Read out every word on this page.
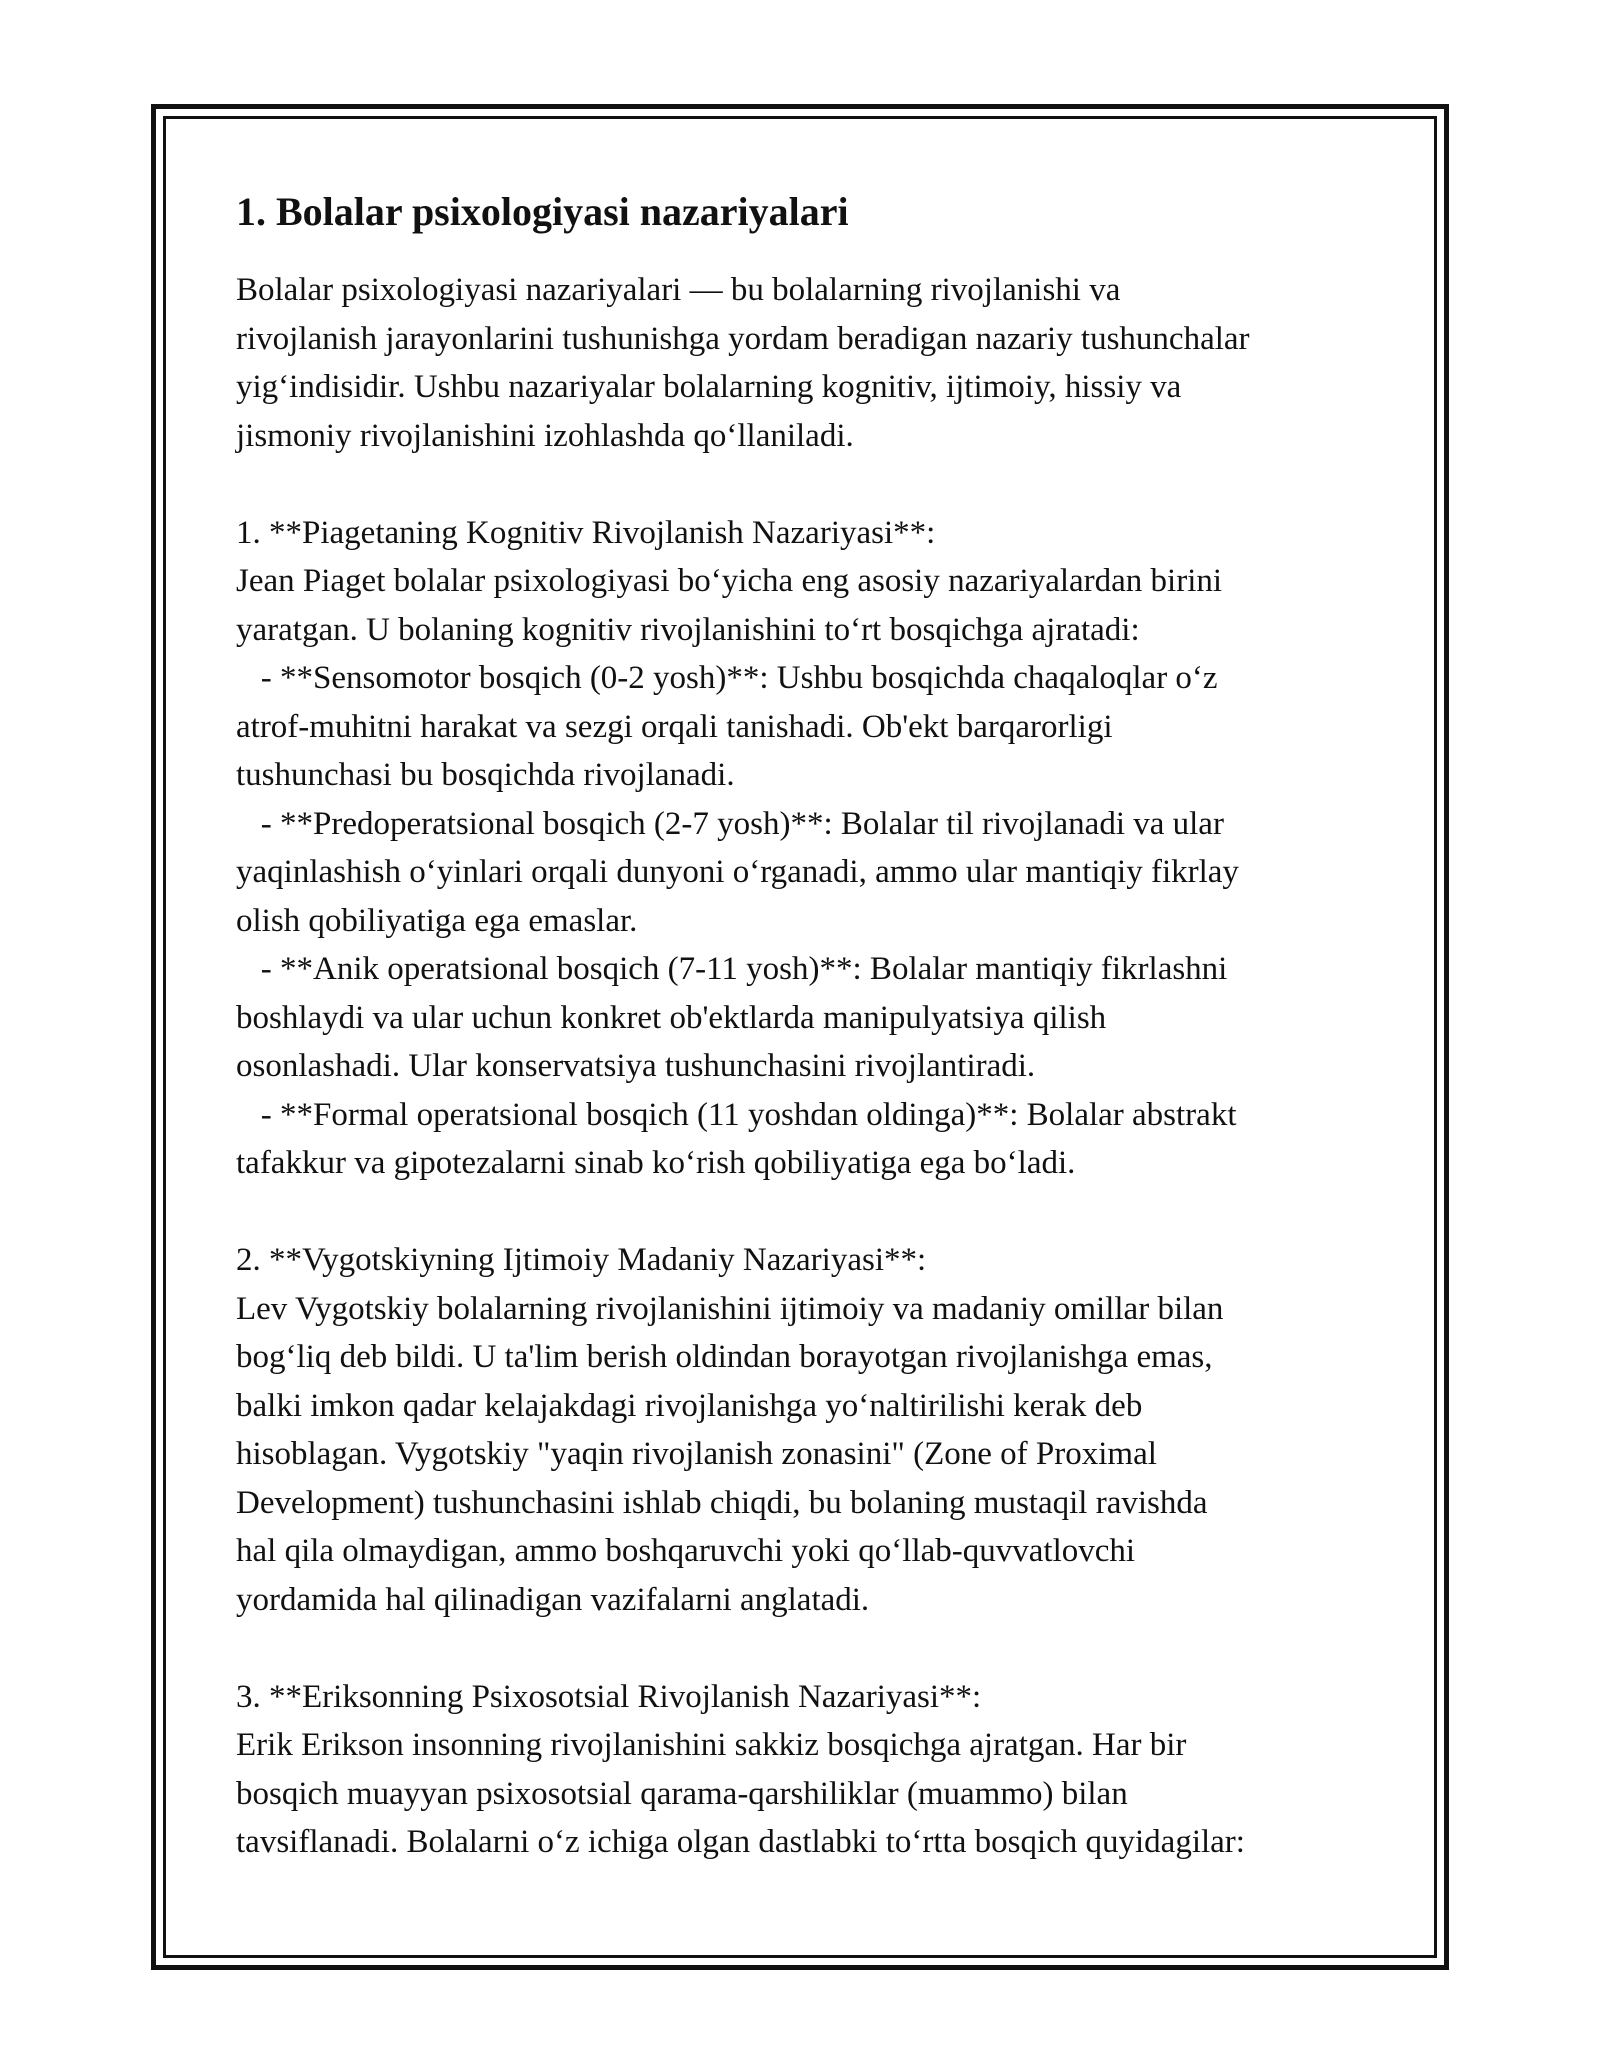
1. Bolalar psixologiyasi nazariyalari
Bolalar psixologiyasi nazariyalari — bu bolalarning rivojlanishi va
rivojlanish jarayonlarini tushunishga yordam beradigan nazariy tushunchalar
yig‘indisidir. Ushbu nazariyalar bolalarning kognitiv, ijtimoiy, hissiy va
jismoniy rivojlanishini izohlashda qo‘llaniladi.
1. **Piagetaning Kognitiv Rivojlanish Nazariyasi**:
Jean Piaget bolalar psixologiyasi bo‘yicha eng asosiy nazariyalardan birini
yaratgan. U bolaning kognitiv rivojlanishini to‘rt bosqichga ajratadi:
- **Sensomotor bosqich (0-2 yosh)**: Ushbu bosqichda chaqaloqlar o‘z
atrof-muhitni harakat va sezgi orqali tanishadi. Ob'ekt barqarorligi
tushunchasi bu bosqichda rivojlanadi.
- **Predoperatsional bosqich (2-7 yosh)**: Bolalar til rivojlanadi va ular
yaqinlashish o‘yinlari orqali dunyoni o‘rganadi, ammo ular mantiqiy fikrlay
olish qobiliyatiga ega emaslar.
- **Anik operatsional bosqich (7-11 yosh)**: Bolalar mantiqiy fikrlashni
boshlaydi va ular uchun konkret ob'ektlarda manipulyatsiya qilish
osonlashadi. Ular konservatsiya tushunchasini rivojlantiradi.
- **Formal operatsional bosqich (11 yoshdan oldinga)**: Bolalar abstrakt
tafakkur va gipotezalarni sinab ko‘rish qobiliyatiga ega bo‘ladi.
2. **Vygotskiyning Ijtimoiy Madaniy Nazariyasi**:
Lev Vygotskiy bolalarning rivojlanishini ijtimoiy va madaniy omillar bilan
bog‘liq deb bildi. U ta'lim berish oldindan borayotgan rivojlanishga emas,
balki imkon qadar kelajakdagi rivojlanishga yo‘naltirilishi kerak deb
hisoblagan. Vygotskiy "yaqin rivojlanish zonasini" (Zone of Proximal
Development) tushunchasini ishlab chiqdi, bu bolaning mustaqil ravishda
hal qila olmaydigan, ammo boshqaruvchi yoki qo‘llab-quvvatlovchi
yordamida hal qilinadigan vazifalarni anglatadi.
3. **Eriksonning Psixosotsial Rivojlanish Nazariyasi**:
Erik Erikson insonning rivojlanishini sakkiz bosqichga ajratgan. Har bir
bosqich muayyan psixosotsial qarama-qarshiliklar (muammo) bilan
tavsiflanadi. Bolalarni o‘z ichiga olgan dastlabki to‘rtta bosqich quyidagilar:
